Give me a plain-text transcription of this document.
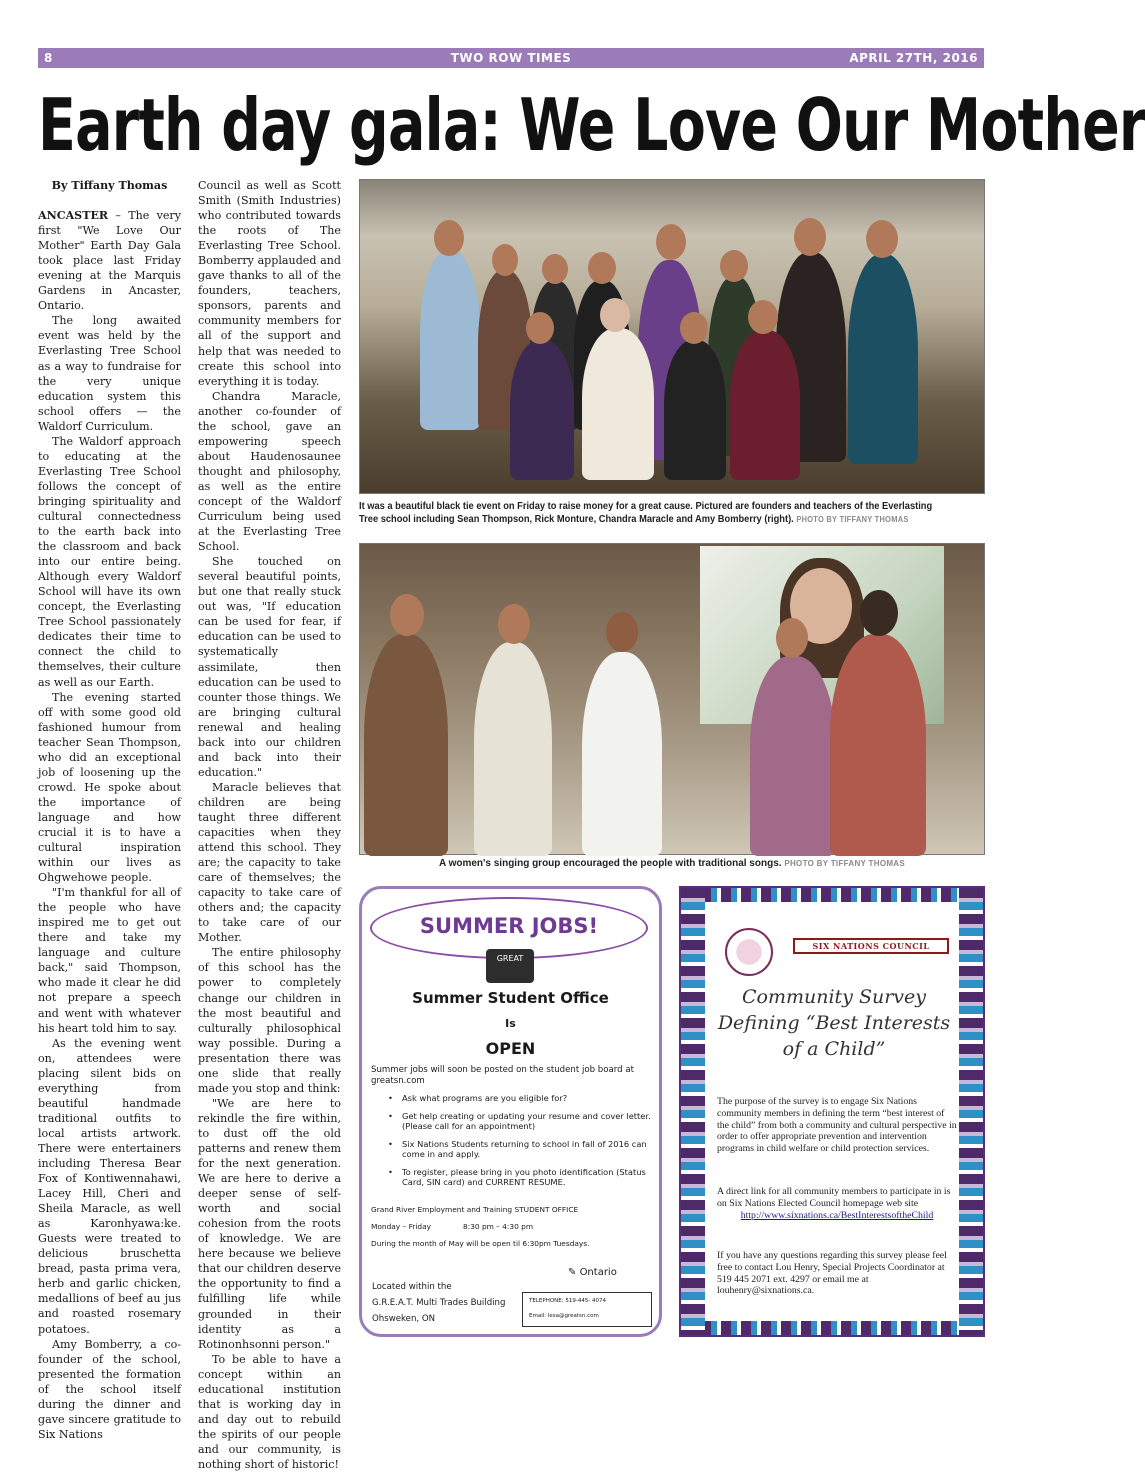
8	TWO ROW TIMES	APRIL 27TH, 2016
Earth day gala: We Love Our Mother

By Tiffany Thomas

ANCASTER – The very first "We Love Our Mother" Earth Day Gala took place last Friday evening at the Marquis Gardens in Ancaster, Ontario.

The long awaited event was held by the Everlasting Tree School as a way to fundraise for the very unique education system this school offers — the Waldorf Curriculum.

The Waldorf approach to educating at the Everlasting Tree School follows the concept of bringing spirituality and cultural connectedness to the earth back into the classroom and back into our entire being. Although every Waldorf School will have its own concept, the Everlasting Tree School passionately dedicates their time to connect the child to themselves, their culture as well as our Earth.

The evening started off with some good old fashioned humour from teacher Sean Thompson, who did an exceptional job of loosening up the crowd. He spoke about the importance of language and how crucial it is to have a cultural inspiration within our lives as Ohgwehowe people.

"I'm thankful for all of the people who have inspired me to get out there and take my language and culture back," said Thompson, who made it clear he did not prepare a speech and went with whatever his heart told him to say.

As the evening went on, attendees were placing silent bids on everything from beautiful handmade traditional outfits to local artists artwork. There were entertainers including Theresa Bear Fox of Kontiwennahawi, Lacey Hill, Cheri and Sheila Maracle, as well as Karonhyawa:ke. Guests were treated to delicious bruschetta bread, pasta prima vera, herb and garlic chicken, medallions of beef au jus and roasted rosemary potatoes.

Amy Bomberry, a co-founder of the school, presented the formation of the school itself during the dinner and gave sincere gratitude to Six Nations

Council as well as Scott Smith (Smith Industries) who contributed towards the roots of The Everlasting Tree School. Bomberry applauded and gave thanks to all of the founders, teachers, sponsors, parents and community members for all of the support and help that was needed to create this school into everything it is today.

Chandra Maracle, another co-founder of the school, gave an empowering speech about Haudenosaunee thought and philosophy, as well as the entire concept of the Waldorf Curriculum being used at the Everlasting Tree School.

She touched on several beautiful points, but one that really stuck out was, "If education can be used for fear, if education can be used to systematically assimilate, then education can be used to counter those things. We are bringing cultural renewal and healing back into our children and back into their education."

Maracle believes that children are being taught three different capacities when they attend this school. They are; the capacity to take care of themselves; the capacity to take care of others and; the capacity to take care of our Mother.

The entire philosophy of this school has the power to completely change our children in the most beautiful and culturally philosophical way possible. During a presentation there was one slide that really made you stop and think:

"We are here to rekindle the fire within, to dust off the old patterns and renew them for the next generation. We are here to derive a deeper sense of self-worth and social cohesion from the roots of knowledge. We are here because we believe that our children deserve the opportunity to find a fulfilling life while grounded in their identity as a Rotinonhsonni person."

To be able to have a concept within an educational institution that is working day in and day out to rebuild the spirits of our people and our community, is nothing short of historic!

It was a beautiful black tie event on Friday to raise money for a great cause. Pictured are founders and teachers of the Everlasting Tree school including Sean Thompson, Rick Monture, Chandra Maracle and Amy Bomberry (right). PHOTO BY TIFFANY THOMAS
A women's singing group encouraged the people with traditional songs. PHOTO BY TIFFANY THOMAS
SUMMER JOBS!
GREAT
Summer Student Office
Is
OPEN
Summer jobs will soon be posted on the student job board at greatsn.com
• Ask what programs are you eligible for?
• Get help creating or updating your resume and cover letter. (Please call for an appointment)
• Six Nations Students returning to school in fall of 2016 can come in and apply.
• To register, please bring in you photo identification (Status Card, SIN card) and CURRENT RESUME.
Grand River Employment and Training STUDENT OFFICE
Monday – Friday	8:30 pm – 4:30 pm
During the month of May will be open til 6:30pm Tuesdays.
✎ Ontario
Located within the
G.R.E.A.T. Multi Trades Building
Ohsweken, ON
TELEPHONE: 519-445- 4074
Email: lesa@greatsn.com
SIX NATIONS COUNCIL
Community Survey
Defining “Best Interests
of a Child”
The purpose of the survey is to engage Six Nations community members in defining the term “best interest of the child” from both a community and cultural perspective in order to offer appropriate prevention and intervention programs in child welfare or child protection services.
A direct link for all community members to participate in is on Six Nations Elected Council homepage web site
http://www.sixnations.ca/BestInterestsoftheChild
If you have any questions regarding this survey please feel free to contact Lou Henry, Special Projects Coordinator at 519 445 2071 ext. 4297 or email me at louhenry@sixnations.ca.
